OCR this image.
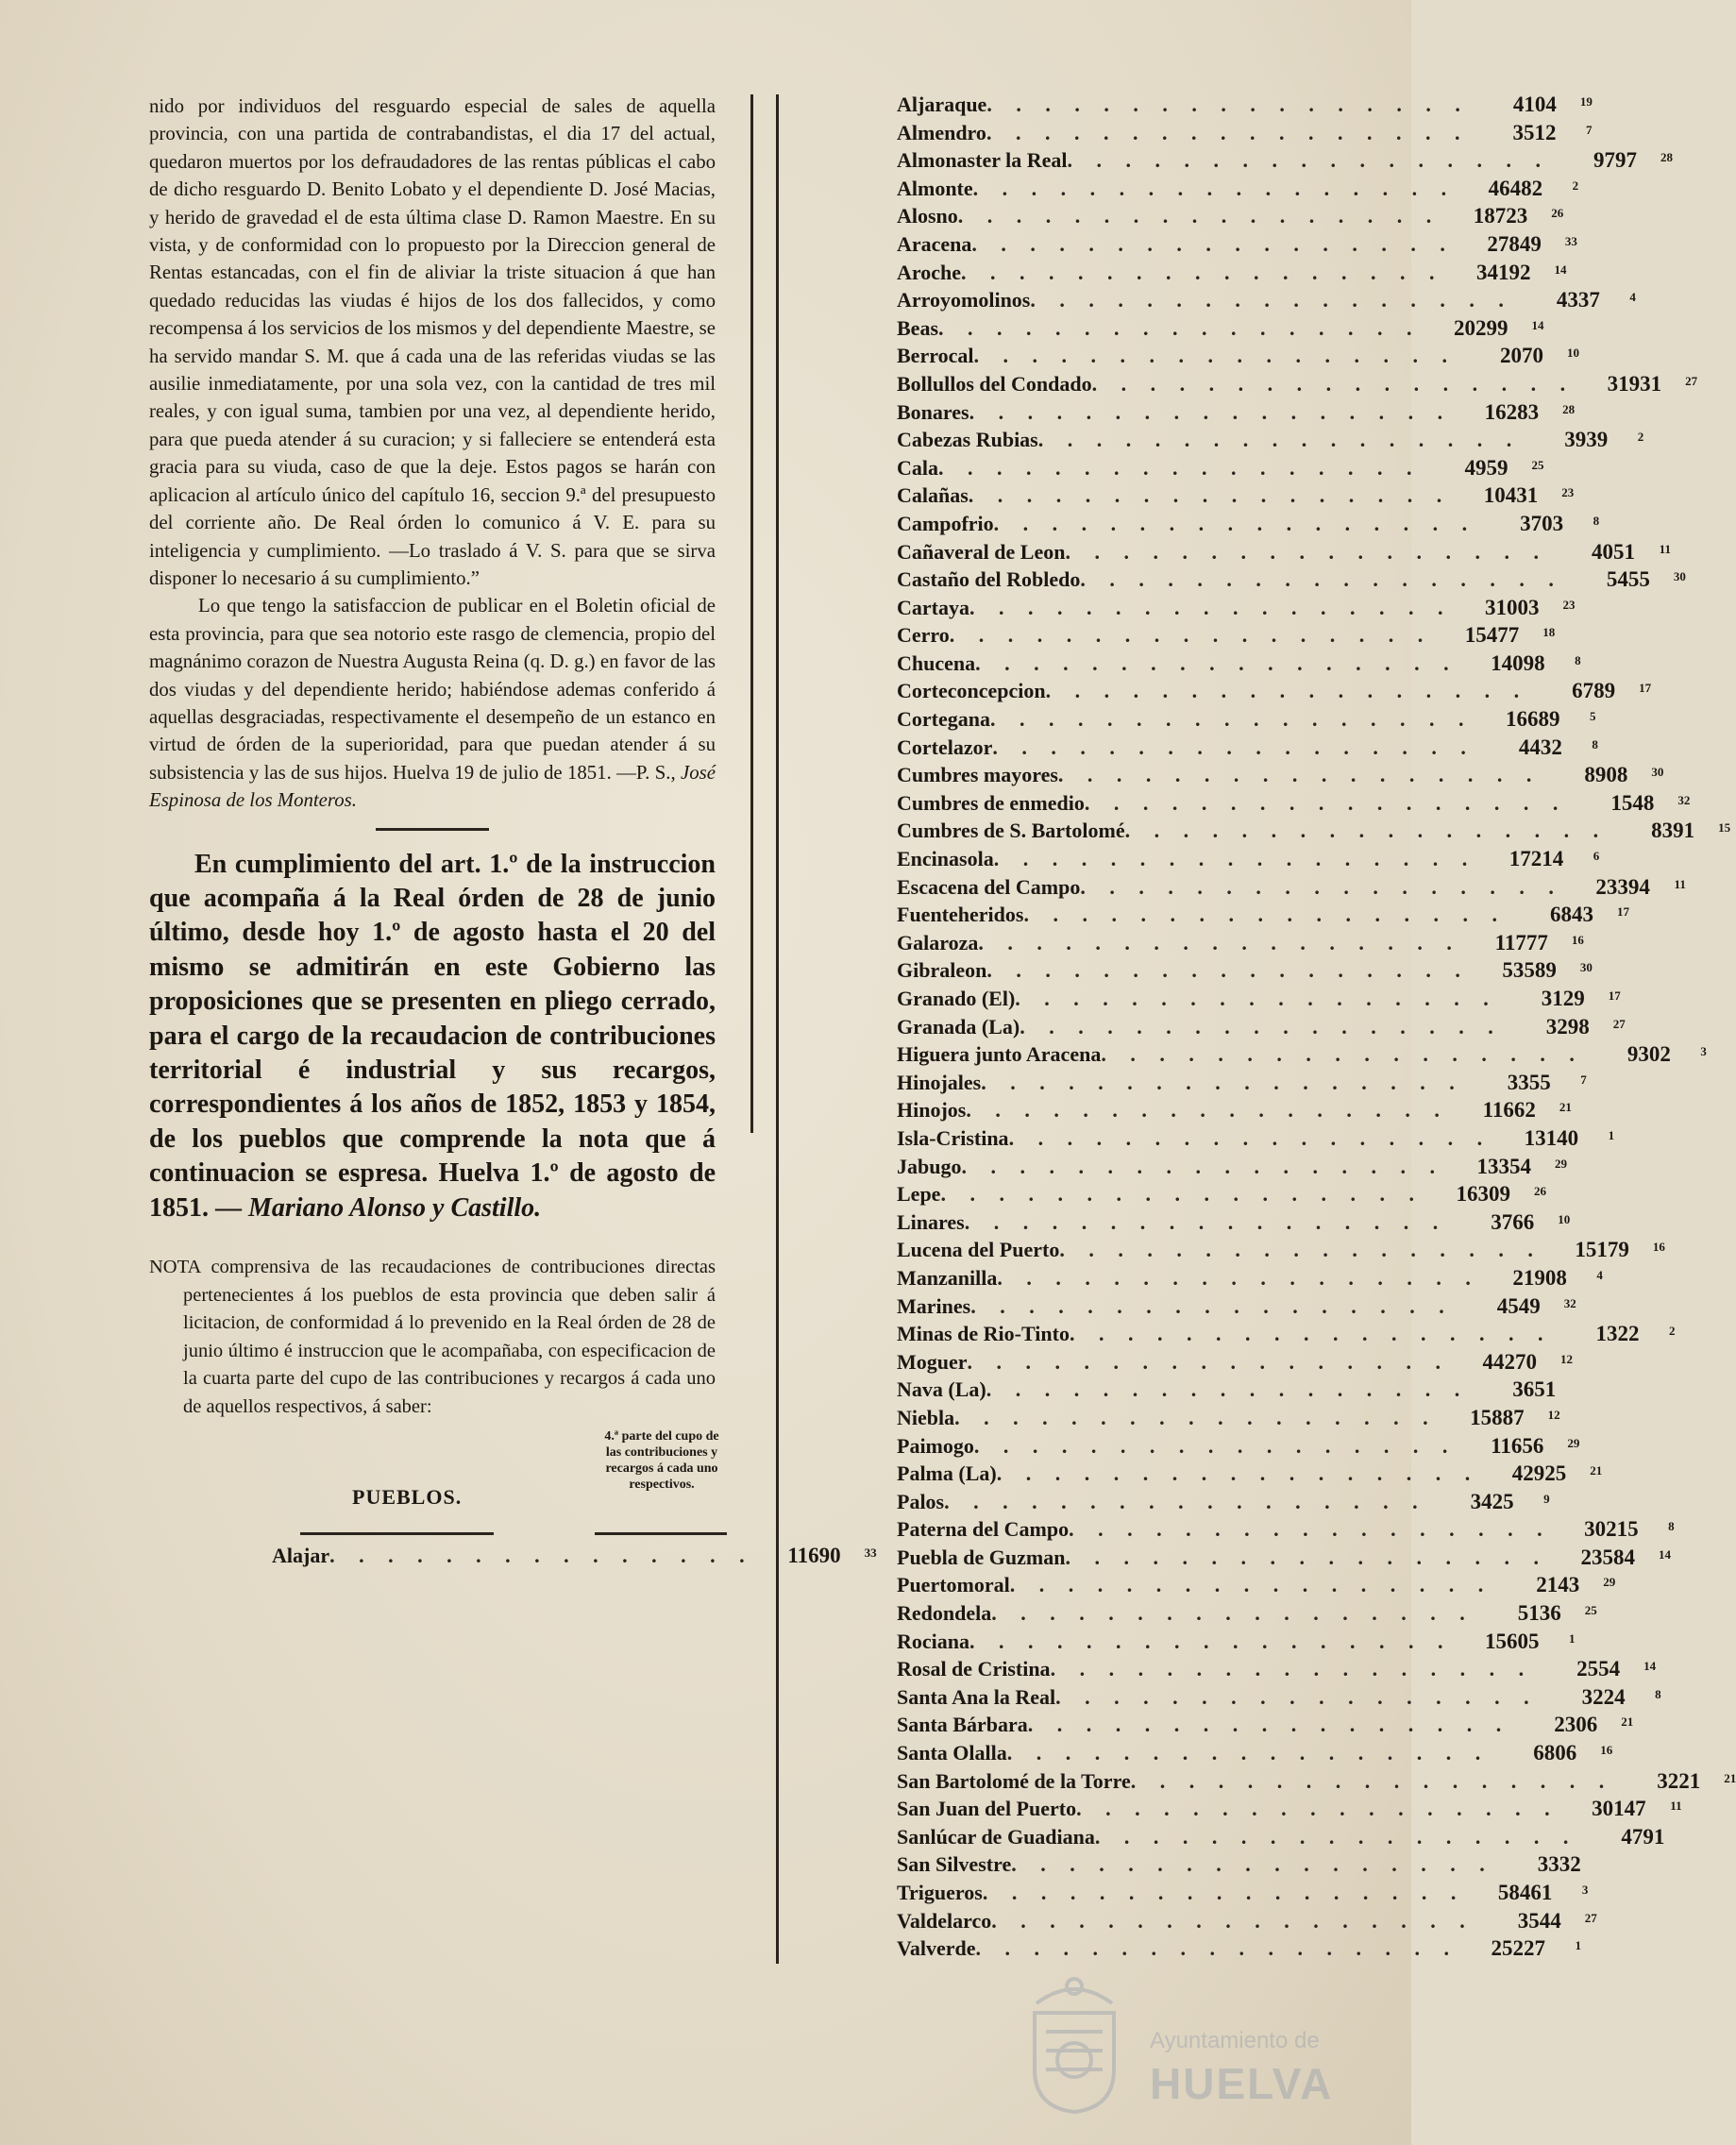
nido por individuos del resguardo especial de sales de aquella provincia, con una partida de contrabandistas, el dia 17 del actual, quedaron muertos por los defraudadores de las rentas públicas el cabo de dicho resguardo D. Benito Lobato y el dependiente D. José Macias, y herido de gravedad el de esta última clase D. Ramon Maestre. En su vista, y de conformidad con lo propuesto por la Direccion general de Rentas estancadas, con el fin de aliviar la triste situacion á que han quedado reducidas las viudas é hijos de los dos fallecidos, y como recompensa á los servicios de los mismos y del dependiente Maestre, se ha servido mandar S. M. que á cada una de las referidas viudas se las ausilie inmediatamente, por una sola vez, con la cantidad de tres mil reales, y con igual suma, tambien por una vez, al dependiente herido, para que pueda atender á su curacion; y si falleciere se entenderá esta gracia para su viuda, caso de que la deje. Estos pagos se harán con aplicacion al artículo único del capítulo 16, seccion 9.ª del presupuesto del corriente año. De Real órden lo comunico á V. E. para su inteligencia y cumplimiento. —Lo traslado á V. S. para que se sirva disponer lo necesario á su cumplimiento.”

Lo que tengo la satisfaccion de publicar en el Boletin oficial de esta provincia, para que sea notorio este rasgo de clemencia, propio del magnánimo corazon de Nuestra Augusta Reina (q. D. g.) en favor de las dos viudas y del dependiente herido; habiéndose ademas conferido á aquellas desgraciadas, respectivamente el desempeño de un estanco en virtud de órden de la superioridad, para que puedan atender á su subsistencia y las de sus hijos. Huelva 19 de julio de 1851. —P. S., José Espinosa de los Monteros.

En cumplimiento del art. 1.º de la instruccion que acompaña á la Real órden de 28 de junio último, desde hoy 1.º de agosto hasta el 20 del mismo se admitirán en este Gobierno las proposiciones que se presenten en pliego cerrado, para el cargo de la recaudacion de contribuciones territorial é industrial y sus recargos, correspondientes á los años de 1852, 1853 y 1854, de los pueblos que comprende la nota que á continuacion se espresa. Huelva 1.º de agosto de 1851. — Mariano Alonso y Castillo.

NOTA comprensiva de las recaudaciones de contribuciones directas pertenecientes á los pueblos de esta provincia que deben salir á licitacion, de conformidad á lo prevenido en la Real órden de 28 de junio último é instruccion que le acompañaba, con especificacion de la cuarta parte del cupo de las contribuciones y recargos á cada uno de aquellos respectivos, á saber:

PUEBLOS.
4.ª parte del cupo de las contribuciones y recargos á cada uno respectivos.
Alajar . . . . . . . . . . . . . . .	11690	33
Aljaraque . . . . . . . . . . . . . . . . .	4104	19
Almendro . . . . . . . . . . . . . . . . .	3512	7
Almonaster la Real . . . . . . . . . . . . . . . . .	9797	28
Almonte . . . . . . . . . . . . . . . . .	46482	2
Alosno . . . . . . . . . . . . . . . . .	18723	26
Aracena . . . . . . . . . . . . . . . . .	27849	33
Aroche . . . . . . . . . . . . . . . . .	34192	14
Arroyomolinos . . . . . . . . . . . . . . . . .	4337	4
Beas . . . . . . . . . . . . . . . . .	20299	14
Berrocal . . . . . . . . . . . . . . . . .	2070	10
Bollullos del Condado . . . . . . . . . . . . . . . . .	31931	27
Bonares . . . . . . . . . . . . . . . . .	16283	28
Cabezas Rubias . . . . . . . . . . . . . . . . .	3939	2
Cala . . . . . . . . . . . . . . . . .	4959	25
Calañas . . . . . . . . . . . . . . . . .	10431	23
Campofrio . . . . . . . . . . . . . . . . .	3703	8
Cañaveral de Leon . . . . . . . . . . . . . . . . .	4051	11
Castaño del Robledo . . . . . . . . . . . . . . . . .	5455	30
Cartaya . . . . . . . . . . . . . . . . .	31003	23
Cerro . . . . . . . . . . . . . . . . .	15477	18
Chucena . . . . . . . . . . . . . . . . .	14098	8
Corteconcepcion . . . . . . . . . . . . . . . . .	6789	17
Cortegana . . . . . . . . . . . . . . . . .	16689	5
Cortelazor . . . . . . . . . . . . . . . . .	4432	8
Cumbres mayores . . . . . . . . . . . . . . . . .	8908	30
Cumbres de enmedio . . . . . . . . . . . . . . . . .	1548	32
Cumbres de S. Bartolomé . . . . . . . . . . . . . . . . .	8391	15
Encinasola . . . . . . . . . . . . . . . . .	17214	6
Escacena del Campo . . . . . . . . . . . . . . . . .	23394	11
Fuenteheridos . . . . . . . . . . . . . . . . .	6843	17
Galaroza . . . . . . . . . . . . . . . . .	11777	16
Gibraleon . . . . . . . . . . . . . . . . .	53589	30
Granado (El) . . . . . . . . . . . . . . . . .	3129	17
Granada (La) . . . . . . . . . . . . . . . . .	3298	27
Higuera junto Aracena . . . . . . . . . . . . . . . . .	9302	3
Hinojales . . . . . . . . . . . . . . . . .	3355	7
Hinojos . . . . . . . . . . . . . . . . .	11662	21
Isla-Cristina . . . . . . . . . . . . . . . . .	13140	1
Jabugo . . . . . . . . . . . . . . . . .	13354	29
Lepe . . . . . . . . . . . . . . . . .	16309	26
Linares . . . . . . . . . . . . . . . . .	3766	10
Lucena del Puerto . . . . . . . . . . . . . . . . .	15179	16
Manzanilla . . . . . . . . . . . . . . . . .	21908	4
Marines . . . . . . . . . . . . . . . . .	4549	32
Minas de Rio-Tinto . . . . . . . . . . . . . . . . .	1322	2
Moguer . . . . . . . . . . . . . . . . .	44270	12
Nava (La) . . . . . . . . . . . . . . . . .	3651
Niebla . . . . . . . . . . . . . . . . .	15887	12
Paimogo . . . . . . . . . . . . . . . . .	11656	29
Palma (La) . . . . . . . . . . . . . . . . .	42925	21
Palos . . . . . . . . . . . . . . . . .	3425	9
Paterna del Campo . . . . . . . . . . . . . . . . .	30215	8
Puebla de Guzman . . . . . . . . . . . . . . . . .	23584	14
Puertomoral . . . . . . . . . . . . . . . . .	2143	29
Redondela . . . . . . . . . . . . . . . . .	5136	25
Rociana . . . . . . . . . . . . . . . . .	15605	1
Rosal de Cristina . . . . . . . . . . . . . . . . .	2554	14
Santa Ana la Real . . . . . . . . . . . . . . . . .	3224	8
Santa Bárbara . . . . . . . . . . . . . . . . .	2306	21
Santa Olalla . . . . . . . . . . . . . . . . .	6806	16
San Bartolomé de la Torre . . . . . . . . . . . . . . . . .	3221	21
San Juan del Puerto . . . . . . . . . . . . . . . . .	30147	11
Sanlúcar de Guadiana . . . . . . . . . . . . . . . . .	4791
San Silvestre . . . . . . . . . . . . . . . . .	3332
Trigueros . . . . . . . . . . . . . . . . .	58461	3
Valdelarco . . . . . . . . . . . . . . . . .	3544	27
Valverde . . . . . . . . . . . . . . . . .	25227	1
Ayuntamiento de
HUELVA
